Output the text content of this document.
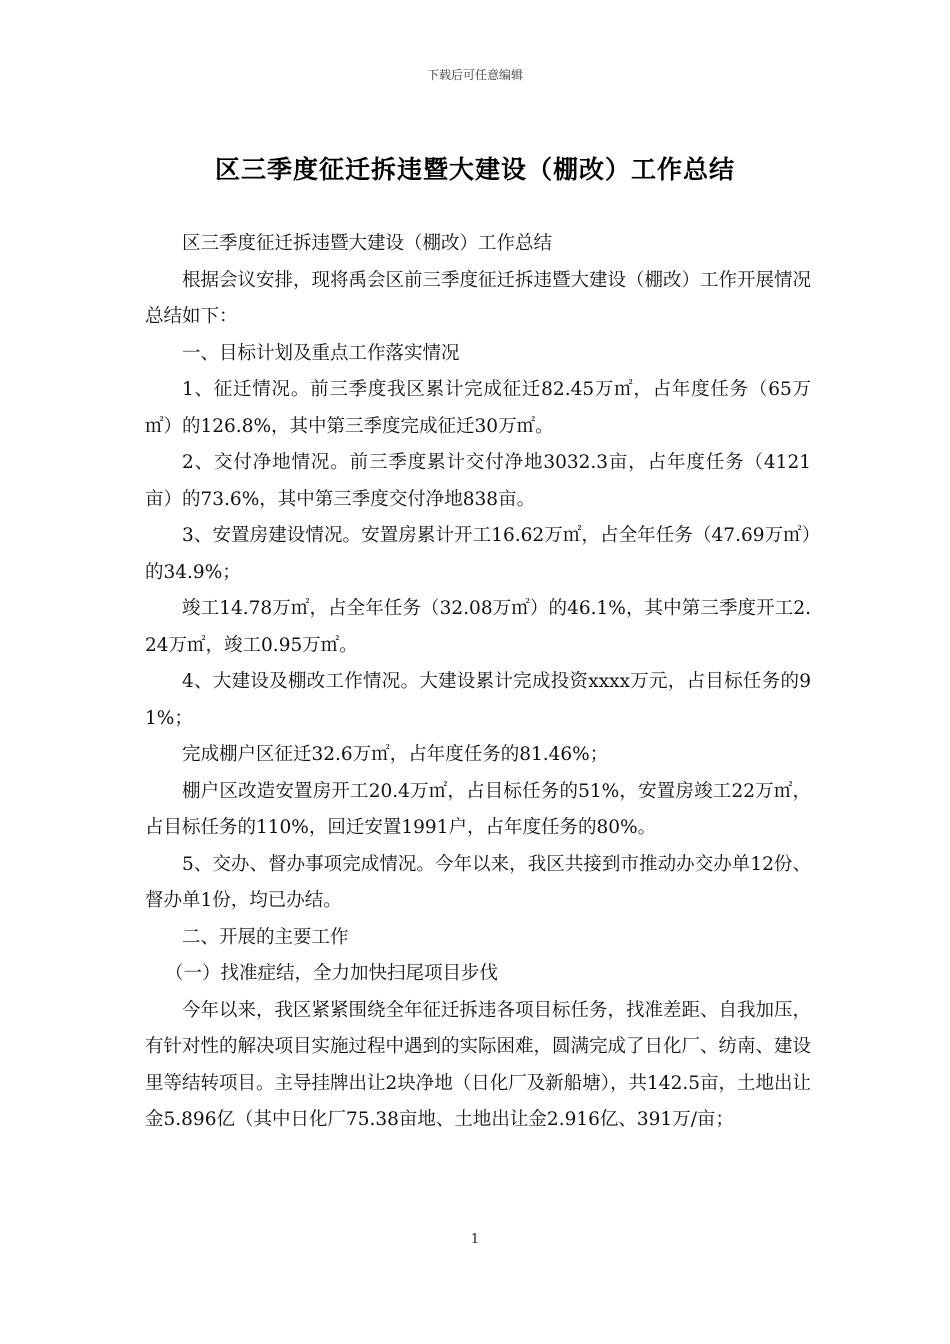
下载后可任意编辑
区三季度征迁拆违暨大建设（棚改）工作总结

区三季度征迁拆违暨大建设（棚改）工作总结

根据会议安排，现将禹会区前三季度征迁拆违暨大建设（棚改）工作开展情况总结如下：

一、目标计划及重点工作落实情况

1、征迁情况。前三季度我区累计完成征迁82.45万㎡，占年度任务（65万㎡）的126.8%，其中第三季度完成征迁30万㎡。

2、交付净地情况。前三季度累计交付净地3032.3亩，占年度任务（4121亩）的73.6%，其中第三季度交付净地838亩。

3、安置房建设情况。安置房累计开工16.62万㎡，占全年任务（47.69万㎡）的34.9%；

竣工14.78万㎡，占全年任务（32.08万㎡）的46.1%，其中第三季度开工2.24万㎡，竣工0.95万㎡。

4、大建设及棚改工作情况。大建设累计完成投资xxxx万元，占目标任务的91%；

完成棚户区征迁32.6万㎡，占年度任务的81.46%；

棚户区改造安置房开工20.4万㎡，占目标任务的51%，安置房竣工22万㎡，占目标任务的110%，回迁安置1991户，占年度任务的80%。

5、交办、督办事项完成情况。今年以来，我区共接到市推动办交办单12份、督办单1份，均已办结。

二、开展的主要工作

（一）找准症结，全力加快扫尾项目步伐

今年以来，我区紧紧围绕全年征迁拆违各项目标任务，找准差距、自我加压，有针对性的解决项目实施过程中遇到的实际困难，圆满完成了日化厂、纺南、建设里等结转项目。主导挂牌出让2块净地（日化厂及新船塘），共142.5亩，土地出让金5.896亿（其中日化厂75.38亩地、土地出让金2.916亿、391万/亩；

1
